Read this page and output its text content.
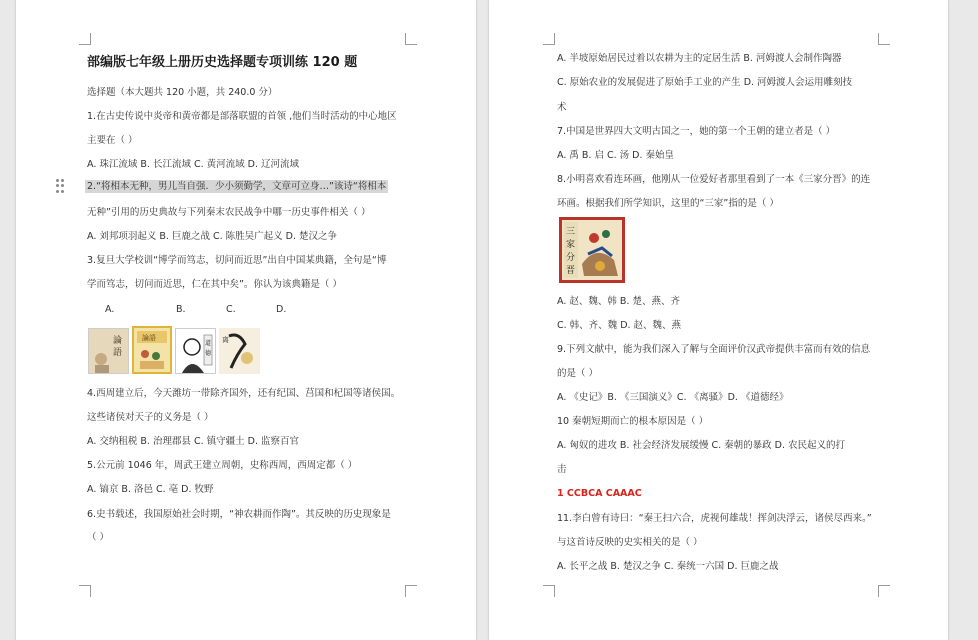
部编版七年级上册历史选择题专项训练 120 题
选择题（本大题共 120 小题，共 240.0 分）
1.在古史传说中炎帝和黄帝都是部落联盟的首领 ,他们当时活动的中心地区
主要在（ ）
A. 珠江流域 B. 长江流域 C. 黄河流域 D. 辽河流域
2.“将相本无种，男儿当自强．少小须勤学，文章可立身…”该诗“将相本
无种”引用的历史典故与下列秦末农民战争中哪一历史事件相关（ ）
A. 刘邦项羽起义 B. 巨鹿之战 C. 陈胜吴广起义 D. 楚汉之争
3.复旦大学校训“博学而笃志，切问而近思”出自中国某典籍，全句是“博
学而笃志，切问而近思，仁在其中矣”。你认为该典籍是（ ）
A.	B.	C.	D.
論
語
論語
道
德
离
4.西周建立后，今天潍坊一带除齐国外，还有纪国、莒国和杞国等诸侯国。
这些诸侯对天子的义务是（ ）
A. 交纳租税 B. 治理郡县 C. 镇守疆土 D. 监察百官
5.公元前 1046 年，周武王建立周朝，史称西周，西周定都（ ）
A. 镐京 B. 洛邑 C. 亳 D. 牧野
6.史书载述，我国原始社会时期，“神农耕而作陶”。其反映的历史现象是
（ ）
A. 半坡原始居民过着以农耕为主的定居生活 B. 河姆渡人会制作陶器
C. 原始农业的发展促进了原始手工业的产生 D. 河姆渡人会运用雕刻技
术
7.中国是世界四大文明古国之一，她的第一个王朝的建立者是（ ）
A. 禹 B. 启 C. 汤 D. 秦始皇
8.小明喜欢看连环画，他刚从一位爱好者那里看到了一本《三家分晋》的连
环画。根据我们所学知识，这里的“三家”指的是（ ）
三
家
分
晋
A. 赵、魏、韩 B. 楚、燕、齐
C. 韩、齐、魏 D. 赵、魏、燕
9.下列文献中，能为我们深入了解与全面评价汉武帝提供丰富而有效的信息
的是（ ）
A. 《史记》B. 《三国演义》C. 《离骚》D. 《道德经》
10 秦朝短期而亡的根本原因是（ ）
A. 匈奴的进攻 B. 社会经济发展缓慢 C. 秦朝的暴政 D. 农民起义的打
击
1 CCBCA CAAAC
11.李白曾有诗曰：“秦王扫六合，虎视何雄哉！挥剑决浮云，诸侯尽西来。”
与这首诗反映的史实相关的是（ ）
A. 长平之战 B. 楚汉之争 C. 秦统一六国 D. 巨鹿之战
